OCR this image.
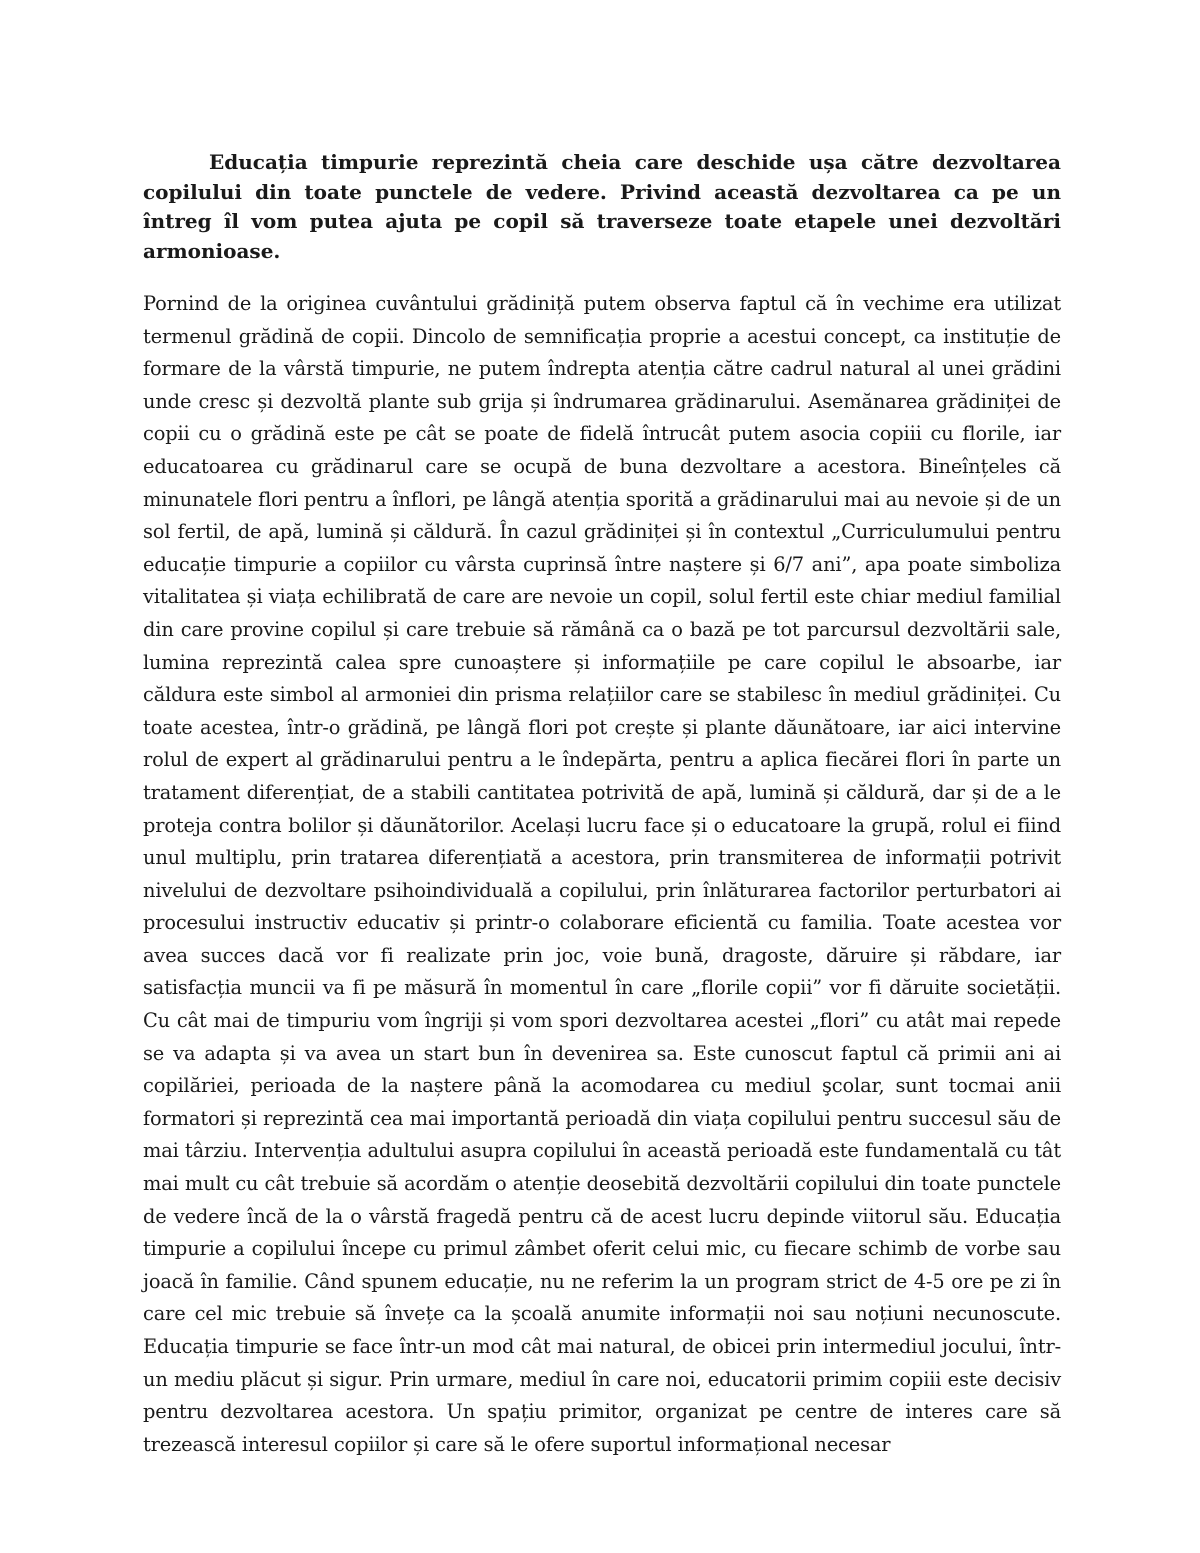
Educația timpurie reprezintă cheia care deschide ușa către dezvoltarea copilului din toate punctele de vedere. Privind această dezvoltarea ca pe un întreg îl vom putea ajuta pe copil să traverseze toate etapele unei dezvoltări armonioase.

Pornind de la originea cuvântului grădiniță putem observa faptul că în vechime era utilizat termenul grădină de copii. Dincolo de semnificația proprie a acestui concept, ca instituție de formare de la vârstă timpurie, ne putem îndrepta atenția către cadrul natural al unei grădini unde cresc și dezvoltă plante sub grija și îndrumarea grădinarului. Asemănarea grădiniței de copii cu o grădină este pe cât se poate de fidelă întrucât putem asocia copiii cu florile, iar educatoarea cu grădinarul care se ocupă de buna dezvoltare a acestora. Bineînțeles că minunatele flori pentru a înflori, pe lângă atenția sporită a grădinarului mai au nevoie și de un sol fertil, de apă, lumină și căldură. În cazul grădiniței și în contextul „Curriculumului pentru educație timpurie a copiilor cu vârsta cuprinsă între naștere și 6/7 ani”, apa poate simboliza vitalitatea și viața echilibrată de care are nevoie un copil, solul fertil este chiar mediul familial din care provine copilul și care trebuie să rămână ca o bază pe tot parcursul dezvoltării sale, lumina reprezintă calea spre cunoaștere și informațiile pe care copilul le absoarbe, iar căldura este simbol al armoniei din prisma relațiilor care se stabilesc în mediul grădiniței. Cu toate acestea, într-o grădină, pe lângă flori pot crește și plante dăunătoare, iar aici intervine rolul de expert al grădinarului pentru a le îndepărta, pentru a aplica fiecărei flori în parte un tratament diferențiat, de a stabili cantitatea potrivită de apă, lumină și căldură, dar și de a le proteja contra bolilor și dăunătorilor. Același lucru face și o educatoare la grupă, rolul ei fiind unul multiplu, prin tratarea diferențiată a acestora, prin transmiterea de informații potrivit nivelului de dezvoltare psihoindividuală a copilului, prin înlăturarea factorilor perturbatori ai procesului instructiv educativ și printr-o colaborare eficientă cu familia. Toate acestea vor avea succes dacă vor fi realizate prin joc, voie bună, dragoste, dăruire și răbdare, iar satisfacția muncii va fi pe măsură în momentul în care „florile copii” vor fi dăruite societății. Cu cât mai de timpuriu vom îngriji și vom spori dezvoltarea acestei „flori” cu atât mai repede se va adapta și va avea un start bun în devenirea sa. Este cunoscut faptul că primii ani ai copilăriei, perioada de la naștere până la acomodarea cu mediul şcolar, sunt tocmai anii formatori și reprezintă cea mai importantă perioadă din viața copilului pentru succesul său de mai târziu. Intervenția adultului asupra copilului în această perioadă este fundamentală cu tât mai mult cu cât trebuie să acordăm o atenție deosebită dezvoltării copilului din toate punctele de vedere încă de la o vârstă fragedă pentru că de acest lucru depinde viitorul său. Educația timpurie a copilului începe cu primul zâmbet oferit celui mic, cu fiecare schimb de vorbe sau joacă în familie. Când spunem educație, nu ne referim la un program strict de 4-5 ore pe zi în care cel mic trebuie să învețe ca la școală anumite informații noi sau noțiuni necunoscute. Educația timpurie se face într-un mod cât mai natural, de obicei prin intermediul jocului, într-un mediu plăcut și sigur. Prin urmare, mediul în care noi, educatorii primim copiii este decisiv pentru dezvoltarea acestora. Un spațiu primitor, organizat pe centre de interes care să trezească interesul copiilor și care să le ofere suportul informațional necesar
